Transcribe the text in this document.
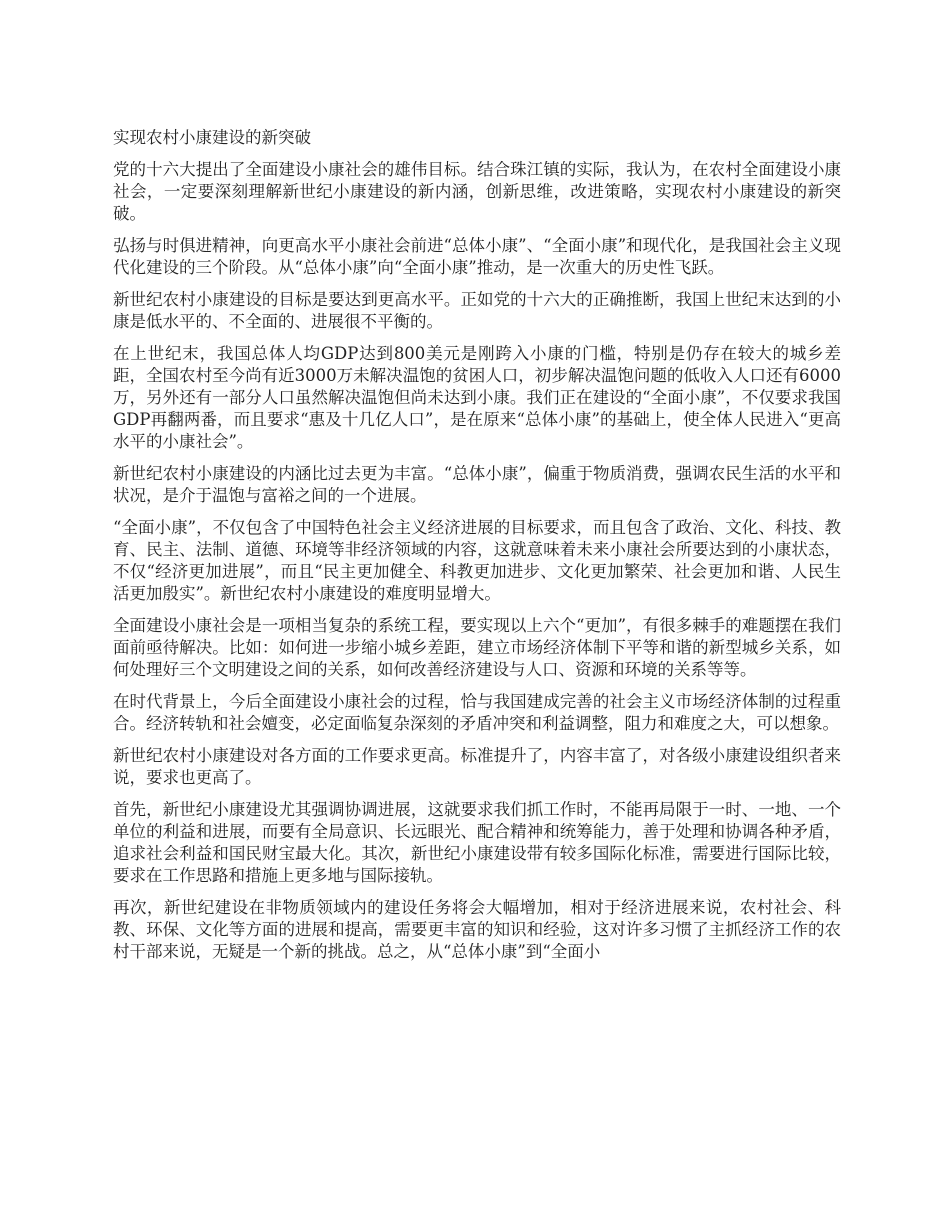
实现农村小康建设的新突破

党的十六大提出了全面建设小康社会的雄伟目标。结合珠江镇的实际，我认为，在农村全面建设小康社会，一定要深刻理解新世纪小康建设的新内涵，创新思维，改进策略，实现农村小康建设的新突破。

弘扬与时俱进精神，向更高水平小康社会前进“总体小康”、“全面小康”和现代化，是我国社会主义现代化建设的三个阶段。从“总体小康”向“全面小康”推动，是一次重大的历史性飞跃。

新世纪农村小康建设的目标是要达到更高水平。正如党的十六大的正确推断，我国上世纪末达到的小康是低水平的、不全面的、进展很不平衡的。

在上世纪末，我国总体人均GDP达到800美元是刚跨入小康的门槛，特别是仍存在较大的城乡差距，全国农村至今尚有近3000万未解决温饱的贫困人口，初步解决温饱问题的低收入人口还有6000万，另外还有一部分人口虽然解决温饱但尚未达到小康。我们正在建设的“全面小康”，不仅要求我国GDP再翻两番，而且要求“惠及十几亿人口”，是在原来“总体小康”的基础上，使全体人民进入“更高水平的小康社会”。

新世纪农村小康建设的内涵比过去更为丰富。“总体小康”，偏重于物质消费，强调农民生活的水平和状况，是介于温饱与富裕之间的一个进展。

“全面小康”，不仅包含了中国特色社会主义经济进展的目标要求，而且包含了政治、文化、科技、教育、民主、法制、道德、环境等非经济领域的内容，这就意味着未来小康社会所要达到的小康状态，不仅“经济更加进展”，而且“民主更加健全、科教更加进步、文化更加繁荣、社会更加和谐、人民生活更加殷实”。新世纪农村小康建设的难度明显增大。

全面建设小康社会是一项相当复杂的系统工程，要实现以上六个“更加”，有很多棘手的难题摆在我们面前亟待解决。比如：如何进一步缩小城乡差距，建立市场经济体制下平等和谐的新型城乡关系，如何处理好三个文明建设之间的关系，如何改善经济建设与人口、资源和环境的关系等等。

在时代背景上，今后全面建设小康社会的过程，恰与我国建成完善的社会主义市场经济体制的过程重合。经济转轨和社会嬗变，必定面临复杂深刻的矛盾冲突和利益调整，阻力和难度之大，可以想象。

新世纪农村小康建设对各方面的工作要求更高。标准提升了，内容丰富了，对各级小康建设组织者来说，要求也更高了。

首先，新世纪小康建设尤其强调协调进展，这就要求我们抓工作时，不能再局限于一时、一地、一个单位的利益和进展，而要有全局意识、长远眼光、配合精神和统筹能力，善于处理和协调各种矛盾，追求社会利益和国民财宝最大化。其次，新世纪小康建设带有较多国际化标准，需要进行国际比较，要求在工作思路和措施上更多地与国际接轨。

再次，新世纪建设在非物质领域内的建设任务将会大幅增加，相对于经济进展来说，农村社会、科教、环保、文化等方面的进展和提高，需要更丰富的知识和经验，这对许多习惯了主抓经济工作的农村干部来说，无疑是一个新的挑战。总之，从“总体小康”到“全面小
